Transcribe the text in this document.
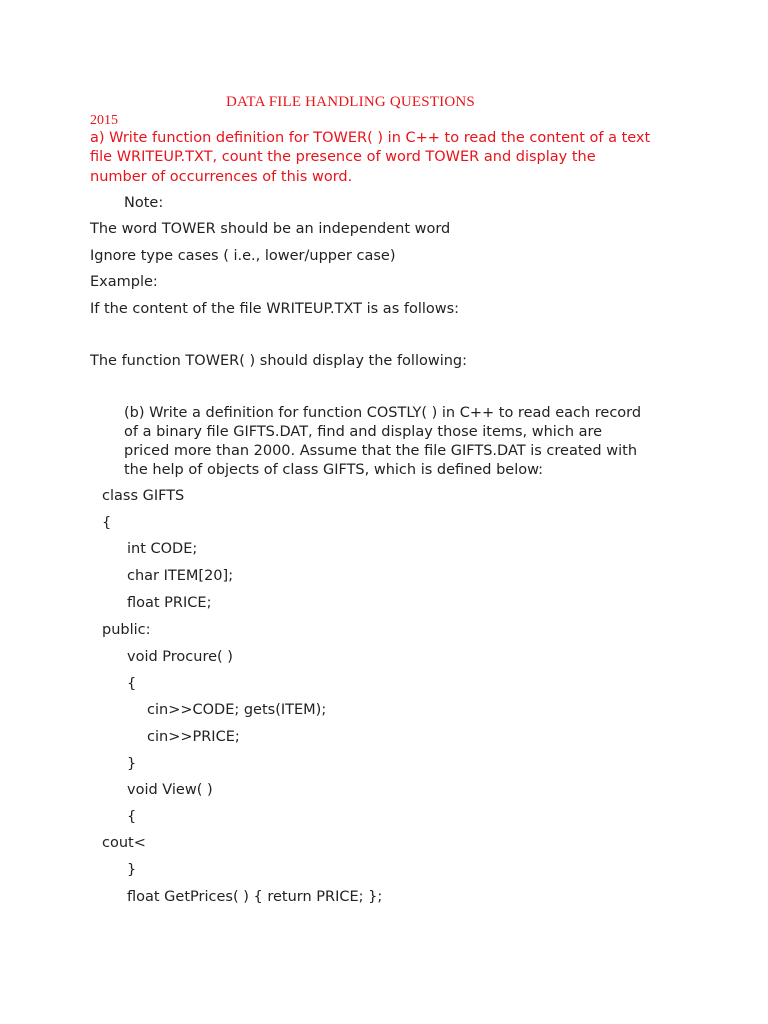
DATA FILE HANDLING QUESTIONS
2015
a) Write function definition for TOWER( ) in C++ to read the content of a text
file WRITEUP.TXT, count the presence of word TOWER and display the
number of occurrences of this word.
Note:
The word TOWER should be an independent word
Ignore type cases ( i.e., lower/upper case)
Example:
If the content of the file WRITEUP.TXT is as follows:
The function TOWER( ) should display the following:
(b) Write a definition for function COSTLY( ) in C++ to read each record
of a binary file GIFTS.DAT, find and display those items, which are
priced more than 2000. Assume that the file GIFTS.DAT is created with
the help of objects of class GIFTS, which is defined below:
class GIFTS
{
int CODE;
char ITEM[20];
float PRICE;
public:
void Procure( )
{
cin>>CODE; gets(ITEM);
cin>>PRICE;
}
void View( )
{
cout<
}
float GetPrices( ) { return PRICE; };
